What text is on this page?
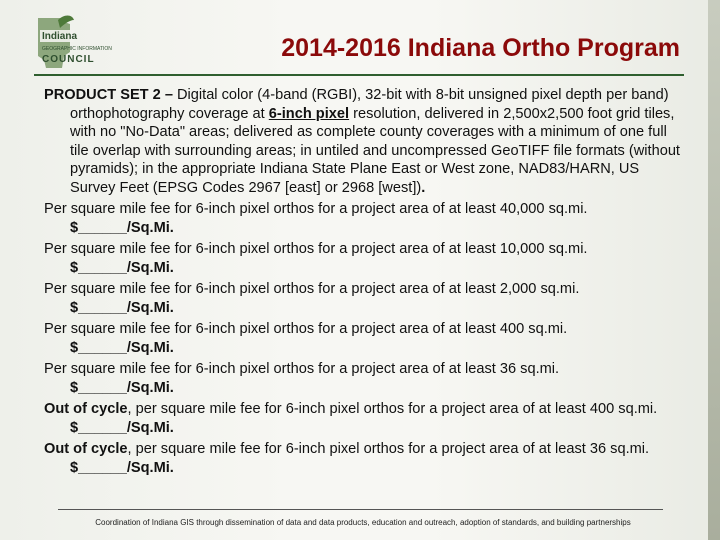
Indiana
GEOGRAPHIC INFORMATION
COUNCIL	2014-2016 Indiana Ortho Program
PRODUCT SET 2 – Digital color (4-band (RGBI), 32-bit with 8-bit unsigned pixel depth per band) orthophotography coverage at 6-inch pixel resolution, delivered in 2,500x2,500 foot grid tiles, with no "No-Data" areas; delivered as complete county coverages with a minimum of one full tile overlap with surrounding areas; in untiled and uncompressed GeoTIFF file formats (without pyramids); in the appropriate Indiana State Plane East or West zone, NAD83/HARN, US Survey Feet (EPSG Codes 2967 [east] or 2968 [west]).
Per square mile fee for 6-inch pixel orthos for a project area of at least 40,000 sq.mi.
$______/Sq.Mi.
Per square mile fee for 6-inch pixel orthos for a project area of at least 10,000 sq.mi.
$______/Sq.Mi.
Per square mile fee for 6-inch pixel orthos for a project area of at least 2,000 sq.mi.
$______/Sq.Mi.
Per square mile fee for 6-inch pixel orthos for a project area of at least 400 sq.mi.
$______/Sq.Mi.
Per square mile fee for 6-inch pixel orthos for a project area of at least 36 sq.mi.
$______/Sq.Mi.
Out of cycle, per square mile fee for 6-inch pixel orthos for a project area of at least 400 sq.mi. $______/Sq.Mi.
Out of cycle, per square mile fee for 6-inch pixel orthos for a project area of at least 36 sq.mi. $______/Sq.Mi.
Coordination of Indiana GIS through dissemination of data and data products, education and outreach, adoption of standards, and building partnerships
